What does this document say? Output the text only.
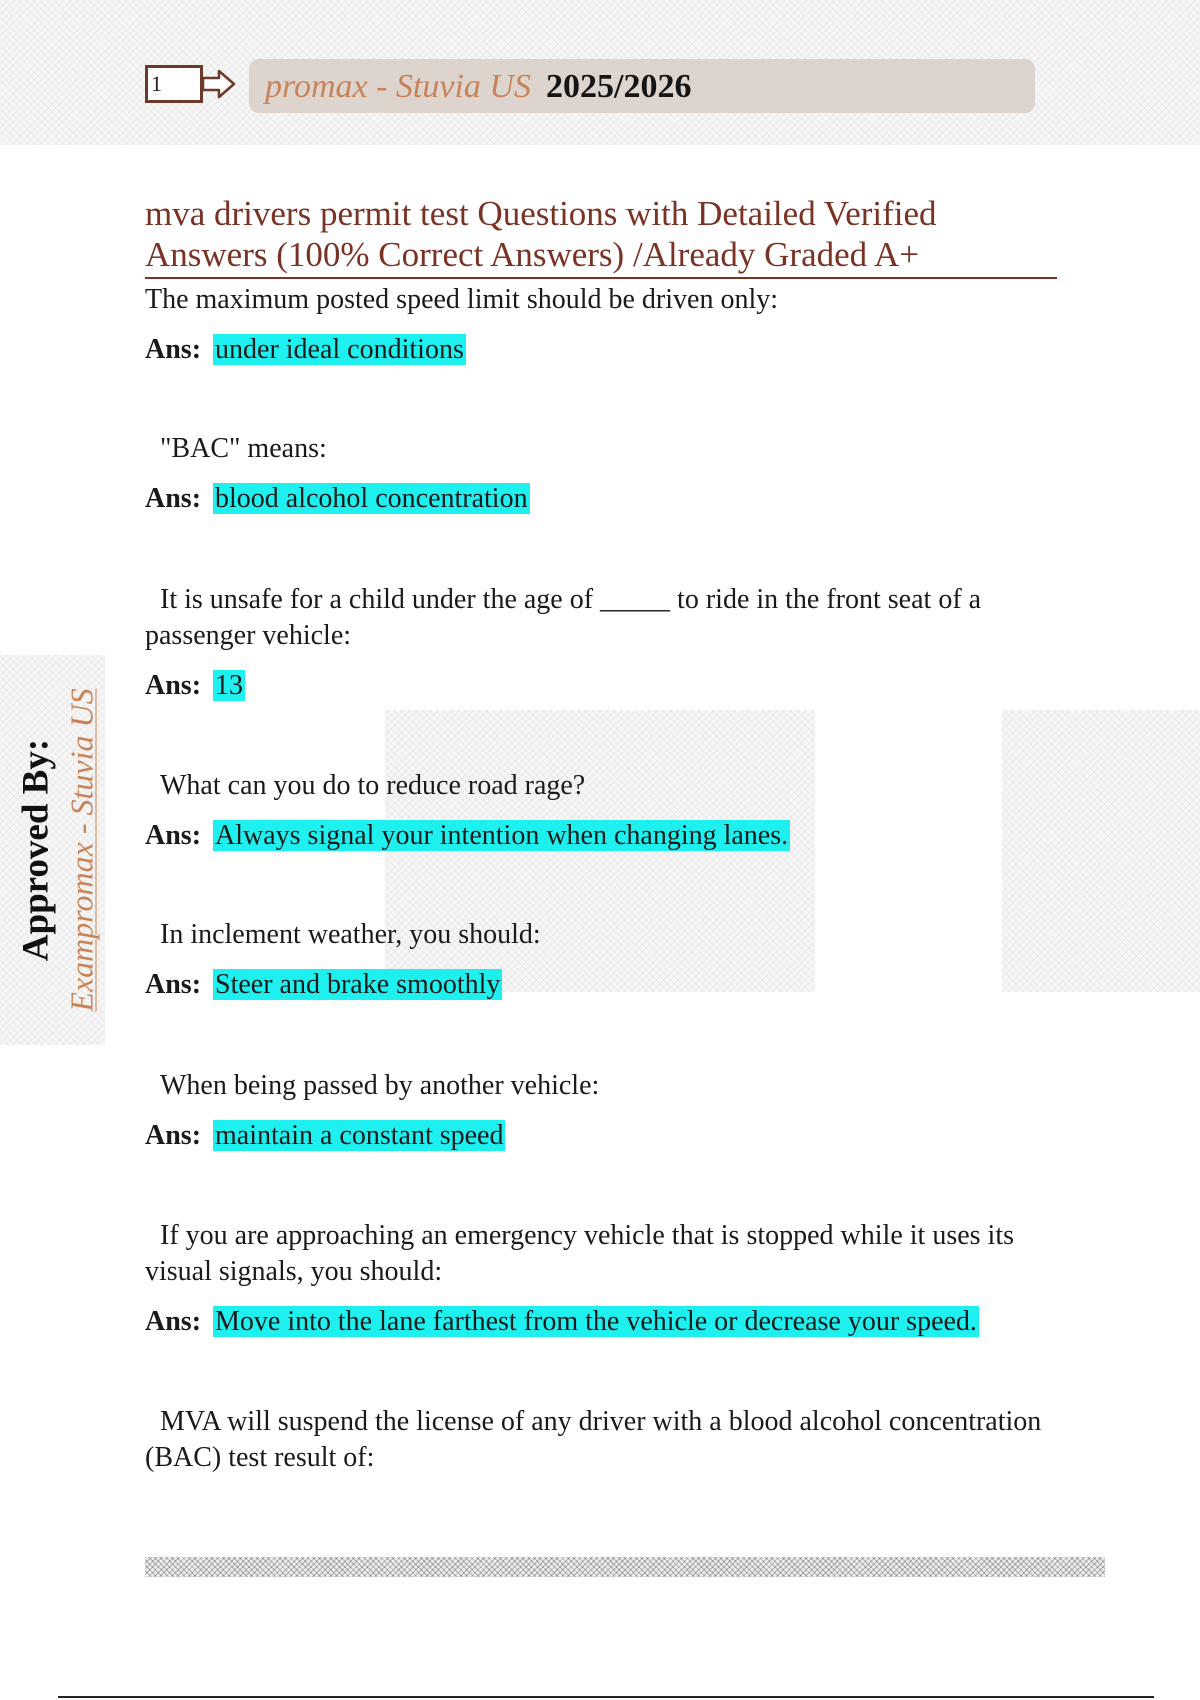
1	promax - Stuvia US 2025/2026
mva drivers permit test Questions with Detailed Verified Answers (100% Correct Answers) /Already Graded A+
Approved By: Exampromax - Stuvia US
The maximum posted speed limit should be driven only:
Ans: under ideal conditions
"BAC" means:
Ans: blood alcohol concentration
It is unsafe for a child under the age of _____ to ride in the front seat of a passenger vehicle:
Ans: 13
What can you do to reduce road rage?
Ans: Always signal your intention when changing lanes.
In inclement weather, you should:
Ans: Steer and brake smoothly
When being passed by another vehicle:
Ans: maintain a constant speed
If you are approaching an emergency vehicle that is stopped while it uses its visual signals, you should:
Ans: Move into the lane farthest from the vehicle or decrease your speed.
MVA will suspend the license of any driver with a blood alcohol concentration (BAC) test result of:
